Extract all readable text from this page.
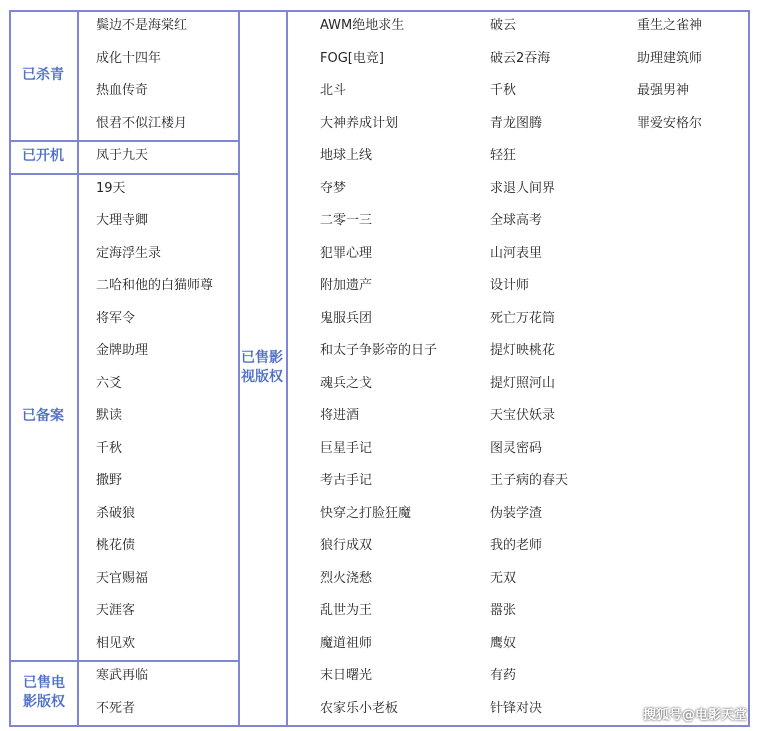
已杀青
鬓边不是海棠红
成化十四年
热血传奇
恨君不似江楼月
已开机	凤于九天
已备案
19天
大理寺卿
定海浮生录
二哈和他的白猫师尊
将军令
金牌助理
六爻
默读
千秋
撒野
杀破狼
桃花债
天官赐福
天涯客
相见欢
已售电影版权
寒武再临
不死者
已售影视版权
AWM绝地求生
FOG[电竞]
北斗
大神养成计划
地球上线
夺梦
二零一三
犯罪心理
附加遗产
鬼服兵团
和太子争影帝的日子
魂兵之戈
将进酒
巨星手记
考古手记
快穿之打脸狂魔
狼行成双
烈火浇愁
乱世为王
魔道祖师
末日曙光
农家乐小老板
破云
破云2吞海
千秋
青龙图腾
轻狂
求退人间界
全球高考
山河表里
设计师
死亡万花筒
提灯映桃花
提灯照河山
天宝伏妖录
图灵密码
王子病的春天
伪装学渣
我的老师
无双
嚣张
鹰奴
有药
针锋对决
重生之雀神
助理建筑师
最强男神
罪爱安格尔
搜狐号@电影天堂
